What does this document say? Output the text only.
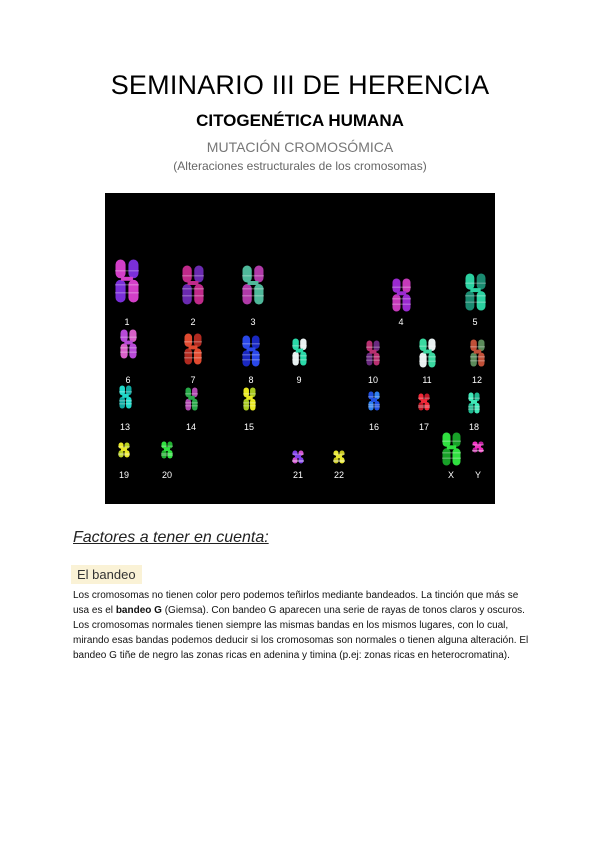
SEMINARIO III DE HERENCIA
CITOGENÉTICA HUMANA
MUTACIÓN CROMOSÓMICA
(Alteraciones estructurales de los cromosomas)
1	2	3	4	5
6	7	8	9	10	11	12
13	14	15	16	17	18
19	20	21	22	X	Y
Factores a tener en cuenta:
El bandeo
Los cromosomas no tienen color pero podemos teñirlos mediante bandeados. La tinción que más se usa es el bandeo G (Giemsa). Con bandeo G aparecen una serie de rayas de tonos claros y oscuros. Los cromosomas normales tienen siempre las mismas bandas en los mismos lugares, con lo cual, mirando esas bandas podemos deducir si los cromosomas son normales o tienen alguna alteración. El bandeo G tiñe de negro las zonas ricas en adenina y timina (p.ej: zonas ricas en heterocromatina).
